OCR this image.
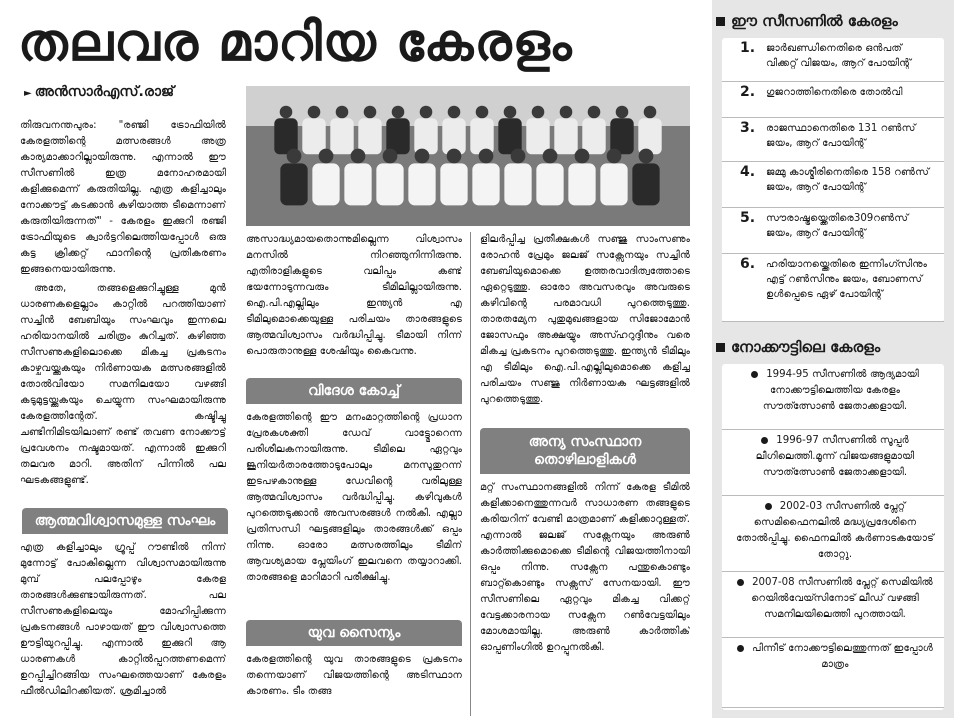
തലവര മാറിയ കേരളം
► അൻസാർഎസ്.രാജ്

തിരുവനന്തപുരം: "രഞ്ജി ട്രോഫിയിൽ കേരളത്തിന്റെ മത്സരങ്ങൾ അത്ര കാര്യമാക്കാറില്ലായിരുന്നു. എന്നാൽ ഈ സീസണിൽ ഇത്ര മനോഹരമായി കളിക്കുമെന്ന് കരുതിയില്ല. എത്ര കളിച്ചാലും നോക്കൗട്ട് കടക്കാൻ കഴിയാത്ത ടീമെന്നാണ് കരുതിയിരുന്നത്" - കേരളം ഇക്കുറി രഞ്ജി ട്രോഫിയുടെ ക്വാർട്ടറിലെത്തിയപ്പോൾ ഒരു കട്ട ക്രിക്കറ്റ് ഫാനിന്റെ പ്രതികരണം ഇങ്ങനെയായിരുന്നു.

അതേ, തങ്ങളെക്കുറിച്ചുള്ള മുൻ ധാരണകളെല്ലാം കാറ്റിൽ പറത്തിയാണ് സച്ചിൻ ബേബിയും സംഘവും ഇന്നലെ ഹരിയാനയിൽ ചരിത്രം കുറിച്ചത്. കഴിഞ്ഞ സീസണുകളിലൊക്കെ മികച്ച പ്രകടനം കാഴ്ചവയ്ക്കുകയും നിർണായക മത്സരങ്ങളിൽ തോൽവിയോ സമനിലയോ വഴങ്ങി കടുമുട്ടയ്ക്കുകയും ചെയ്യുന്ന സംഘമായിരുന്നു കേരളത്തിന്റേത്. കഷ്ടിച്ചു ചണ്ടിനിമിടയിലാണ് രണ്ട് തവണ നോക്കൗട്ട് പ്രവേശനം നഷ്ടമായത്. എന്നാൽ ഇക്കുറി തലവര മാറി. അതിന് പിന്നിൽ പല ഘടകങ്ങളുണ്ട്.

ആത്മവിശ്വാസമുള്ള സംഘം

എത്ര കളിച്ചാലും ഗ്രൂപ്പ് റൗണ്ടിൽ നിന്ന് മുന്നോട്ട് പോകില്ലെന്ന വിശ്വാസമായിരുന്നു മുമ്പ് പലപ്പോഴും കേരള താരങ്ങൾക്കുണ്ടായിരുന്നത്. പല സീസണുകളിലെയും മോഹിപ്പിക്കുന്ന പ്രകടനങ്ങൾ പാഴായത് ഈ വിശ്വാസത്തെ ഊട്ടിയുറപ്പിച്ചു. എന്നാൽ ഇക്കുറി ആ ധാരണകൾ കാറ്റിൽപ്പറത്തണമെന്ന് ഉറപ്പിച്ചിറങ്ങിയ സംഘത്തെയാണ് കേരളം ഫീൽഡിലിറക്കിയത്. ശ്രമിച്ചാൽ

അസാദ്ധ്യമായതൊന്നുമില്ലെന്ന വിശ്വാസം മനസിൽ നിറഞ്ഞുനിന്നിരുന്നു. എതിരാളികളുടെ വലിപ്പം കണ്ട് ഭയന്നോടുന്നവരും ടീമിലില്ലായിരുന്നു. ഐ.പി.എല്ലിലും ഇന്ത്യൻ എ ടീമിലുമൊക്കെയുള്ള പരിചയം താരങ്ങളുടെ ആത്മവിശ്വാസം വർദ്ധിപ്പിച്ചു. ടീമായി നിന്ന് പൊരുതാനുള്ള ശേഷിയും കൈവന്നു.

വിദേശ കോച്ച്

കേരളത്തിന്റെ ഈ മനംമാറ്റത്തിന്റെ പ്രധാന പ്രേരകശക്തി ഡേവ് വാട്ട്മോറെന്ന പരിശീലകനായിരുന്നു. ടീമിലെ ഏറ്റവും ജൂനിയർതാരത്തോടുപോലും മനസുതുറന്ന് ഇടപഴകാനുള്ള ഡേവിന്റെ വരിലുള്ള ആത്മവിശ്വാസം വർദ്ധിപ്പിച്ചു. കഴിവുകൾ പുറത്തെടുക്കാൻ അവസരങ്ങൾ നൽകി. എല്ലാ പ്രതിസന്ധി ഘട്ടങ്ങളിലും താരങ്ങൾക്ക് ഒപ്പം നിന്നു. ഓരോ മത്സരത്തിലും ടീമിന് ആവശ്യമായ പ്ലേയിംഗ് ഇലവനെ തയ്യാറാക്കി. താരങ്ങളെ മാറിമാറി പരീക്ഷിച്ചു.

യുവ സൈന്യം

കേരളത്തിന്റെ യുവ താരങ്ങളുടെ പ്രകടനം തന്നെയാണ് വിജയത്തിന്റെ അടിസ്ഥാന കാരണം. ടീം തങ്ങ

ളിലർപ്പിച്ച പ്രതീക്ഷകൾ സഞ്ജു സാംസണും രോഹൻ പ്രേമും ജലജ് സക്സേനയും സച്ചിൻ ബേബിയുമൊക്കെ ഉത്തരവാദിത്വത്തോടെ ഏറ്റെടുത്തു. ഓരോ അവസരവും അവരുടെ കഴിവിന്റെ പരമാവധി പുറത്തെടുത്തു. താരതമ്യേന പുതുമുഖങ്ങളായ സിജോമോൻ ജോസഫും അക്ഷയ്യും അസ്ഹറുദ്ദീനും വരെ മികച്ച പ്രകടനം പുറത്തെടുത്തു. ഇന്ത്യൻ ടീമിലും എ ടീമിലും ഐ.പി.എല്ലിലുമൊക്കെ കളിച്ച പരിചയം സഞ്ജു നിർണായക ഘട്ടങ്ങളിൽ പുറത്തെടുത്തു.

അന്യ സംസ്ഥാന തൊഴിലാളികൾ

മറ്റ് സംസ്ഥാനങ്ങളിൽ നിന്ന് കേരള ടീമിൽ കളിക്കാനെത്തുന്നവർ സാധാരണ തങ്ങളുടെ കരിയറിന് വേണ്ടി മാത്രമാണ് കളിക്കാറുള്ളത്. എന്നാൽ ജലജ് സക്സേനയും അരുൺ കാർത്തിക്കുമൊക്കെ ടീമിന്റെ വിജയത്തിനായി ഒപ്പം നിന്നു. സക്സേന പന്തുകൊണ്ടും ബാറ്റ്കൊണ്ടും സക്സസ് സേനയായി. ഈ സീസണിലെ ഏറ്റവും മികച്ച വിക്കറ്റ് വേട്ടക്കാരനായ സക്സേന റൺവേട്ടയിലും മോശമായില്ല. അരുൺ കാർത്തിക് ഓപ്പണിംഗിൽ ഉറപ്പുനൽകി.

ഈ സീസണിൽ കേരളം
1. ജാർഖണ്ഡിനെതിരെ ഒൻപത് വിക്കറ്റ് വിജയം, ആറ് പോയിന്റ്
2. ഗുജറാത്തിനെതിരെ തോൽവി
3. രാജസ്ഥാനെതിരെ 131 റൺസ് ജയം, ആറ് പോയിന്റ്
4. ജമ്മു കാശ്മീരിനെതിരെ 158 റൺസ് ജയം, ആറ് പോയിന്റ്
5. സൗരാഷ്ട്രയ്ക്കെതിരെ309റൺസ് ജയം, ആറ് പോയിന്റ്
6. ഹരിയാനയ്ക്കെതിരെ ഇന്നിംഗ്സിനും എട്ട് റൺസിനും ജയം, ബോണസ് ഉൾപ്പെടെ ഏഴ് പോയിന്റ്
നോക്കൗട്ടിലെ കേരളം
1994-95 സീസണിൽ ആദ്യമായി നോക്കൗട്ടിലെത്തിയ കേരളം സൗത്ത്സോൺ ജേതാക്കളായി.
1996-97 സീസണിൽ സൂപ്പർ ലീഗിലെത്തി.മൂന്ന് വിജയങ്ങളുമായി സൗത്ത്സോൺ ജേതാക്കളായി.
2002-03 സീസണിൽ പ്ലേറ്റ് സെമിഫൈനലിൽ മദ്ധ്യപ്രദേശിനെ തോൽപ്പിച്ചു. ഫൈനലിൽ കർണാടകയോട് തോറ്റു.
2007-08 സീസണിൽ പ്ലേറ്റ് സെമിയിൽ റെയിൽവേയ്സിനോട് ലീഡ് വഴങ്ങി സമനിലയിലെത്തി പുറത്തായി.
പിന്നീട് നോക്കൗട്ടിലെത്തുന്നത് ഇപ്പോൾ മാത്രം
